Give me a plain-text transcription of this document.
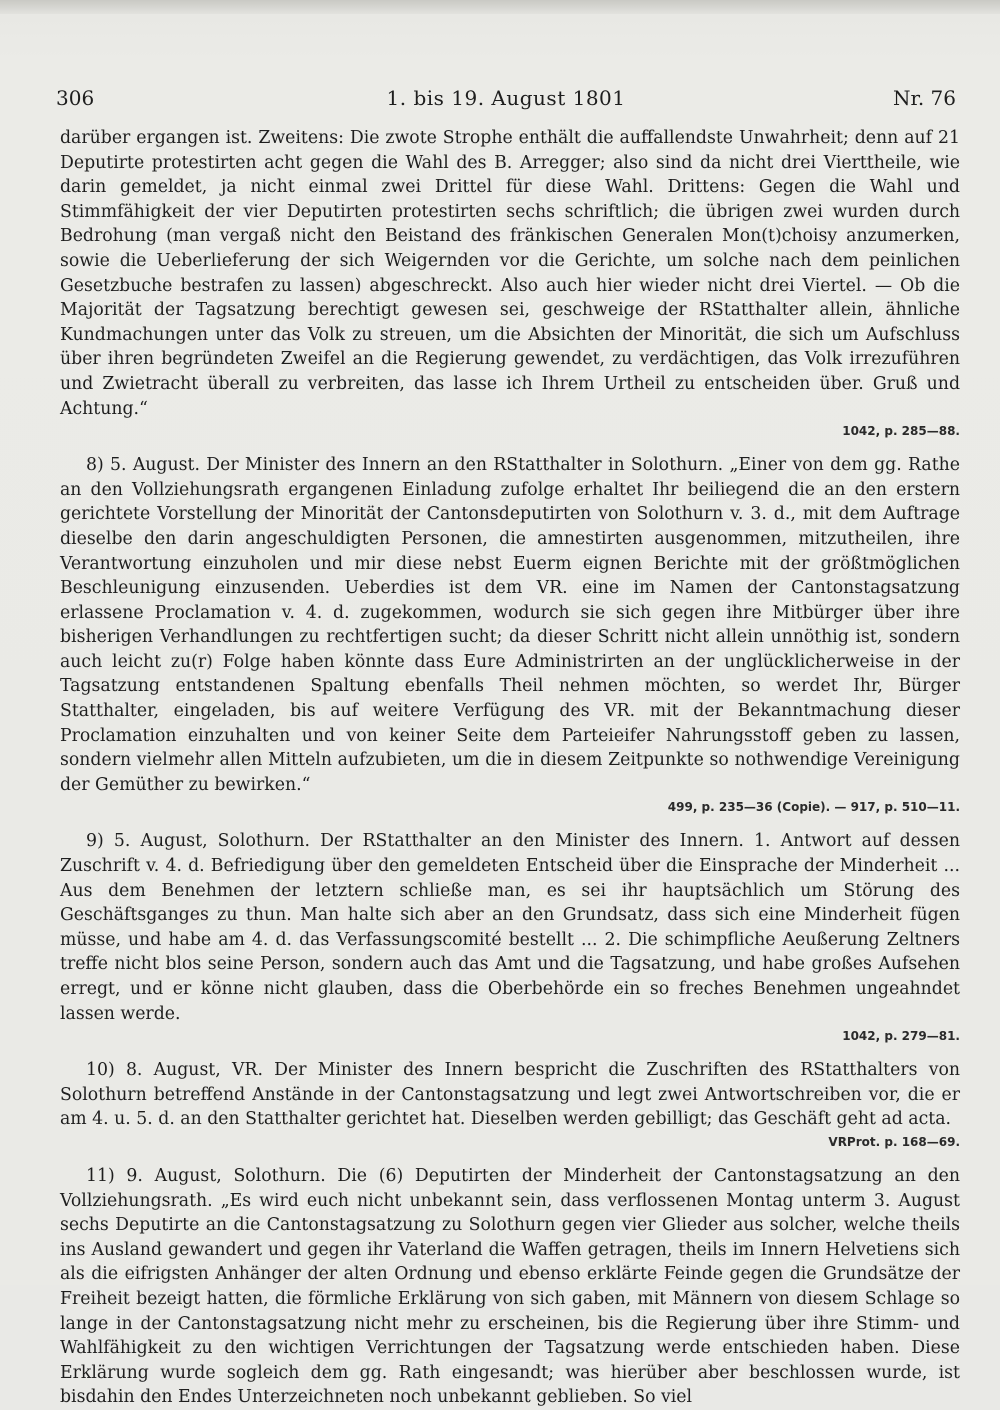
306	1. bis 19. August 1801	Nr. 76

darüber ergangen ist. Zweitens: Die zwote Strophe enthält die auffallendste Unwahrheit; denn auf 21 Deputirte protestirten acht gegen die Wahl des B. Arregger; also sind da nicht drei Vierttheile, wie darin gemeldet, ja nicht einmal zwei Drittel für diese Wahl. Drittens: Gegen die Wahl und Stimmfähigkeit der vier Deputirten protestirten sechs schriftlich; die übrigen zwei wurden durch Bedrohung (man vergaß nicht den Beistand des fränkischen Generalen Mon(t)choisy anzumerken, sowie die Ueberlieferung der sich Weigernden vor die Gerichte, um solche nach dem peinlichen Gesetzbuche bestrafen zu lassen) abgeschreckt. Also auch hier wieder nicht drei Viertel. — Ob die Majorität der Tagsatzung berechtigt gewesen sei, geschweige der RStatthalter allein, ähnliche Kundmachungen unter das Volk zu streuen, um die Absichten der Minorität, die sich um Aufschluss über ihren begründeten Zweifel an die Regierung gewendet, zu verdächtigen, das Volk irrezuführen und Zwietracht überall zu verbreiten, das lasse ich Ihrem Urtheil zu entscheiden über. Gruß und Achtung.“

1042, p. 285—88.

8) 5. August. Der Minister des Innern an den RStatthalter in Solothurn. „Einer von dem gg. Rathe an den Vollziehungsrath ergangenen Einladung zufolge erhaltet Ihr beiliegend die an den erstern gerichtete Vorstellung der Minorität der Cantonsdeputirten von Solothurn v. 3. d., mit dem Auftrage dieselbe den darin angeschuldigten Personen, die amnestirten ausgenommen, mitzutheilen, ihre Verantwortung einzuholen und mir diese nebst Euerm eignen Berichte mit der größtmöglichen Beschleunigung einzusenden. Ueberdies ist dem VR. eine im Namen der Cantonstagsatzung erlassene Proclamation v. 4. d. zugekommen, wodurch sie sich gegen ihre Mitbürger über ihre bisherigen Verhandlungen zu rechtfertigen sucht; da dieser Schritt nicht allein unnöthig ist, sondern auch leicht zu(r) Folge haben könnte dass Eure Administrirten an der unglücklicherweise in der Tagsatzung entstandenen Spaltung ebenfalls Theil nehmen möchten, so werdet Ihr, Bürger Statthalter, eingeladen, bis auf weitere Verfügung des VR. mit der Bekanntmachung dieser Proclamation einzuhalten und von keiner Seite dem Parteieifer Nahrungsstoff geben zu lassen, sondern vielmehr allen Mitteln aufzubieten, um die in diesem Zeitpunkte so nothwendige Vereinigung der Gemüther zu bewirken.“

499, p. 235—36 (Copie). — 917, p. 510—11.

9) 5. August, Solothurn. Der RStatthalter an den Minister des Innern. 1. Antwort auf dessen Zuschrift v. 4. d. Befriedigung über den gemeldeten Entscheid über die Einsprache der Minderheit ... Aus dem Benehmen der letztern schließe man, es sei ihr hauptsächlich um Störung des Geschäftsganges zu thun. Man halte sich aber an den Grundsatz, dass sich eine Minderheit fügen müsse, und habe am 4. d. das Verfassungscomité bestellt ... 2. Die schimpfliche Aeußerung Zeltners treffe nicht blos seine Person, sondern auch das Amt und die Tagsatzung, und habe großes Aufsehen erregt, und er könne nicht glauben, dass die Oberbehörde ein so freches Benehmen ungeahndet lassen werde.

1042, p. 279—81.

10) 8. August, VR. Der Minister des Innern bespricht die Zuschriften des RStatthalters von Solothurn betreffend Anstände in der Cantonstagsatzung und legt zwei Antwortschreiben vor, die er am 4. u. 5. d. an den Statthalter gerichtet hat. Dieselben werden gebilligt; das Geschäft geht ad acta.

VRProt. p. 168—69.

11) 9. August, Solothurn. Die (6) Deputirten der Minderheit der Cantonstagsatzung an den Vollziehungsrath. „Es wird euch nicht unbekannt sein, dass verflossenen Montag unterm 3. August sechs Deputirte an die Cantonstagsatzung zu Solothurn gegen vier Glieder aus solcher, welche theils ins Ausland gewandert und gegen ihr Vaterland die Waffen getragen, theils im Innern Helvetiens sich als die eifrigsten Anhänger der alten Ordnung und ebenso erklärte Feinde gegen die Grundsätze der Freiheit bezeigt hatten, die förmliche Erklärung von sich gaben, mit Männern von diesem Schlage so lange in der Cantonstagsatzung nicht mehr zu erscheinen, bis die Regierung über ihre Stimm- und Wahlfähigkeit zu den wichtigen Verrichtungen der Tagsatzung werde entschieden haben. Diese Erklärung wurde sogleich dem gg. Rath eingesandt; was hierüber aber beschlossen wurde, ist bisdahin den Endes Unterzeichneten noch unbekannt geblieben. So viel
